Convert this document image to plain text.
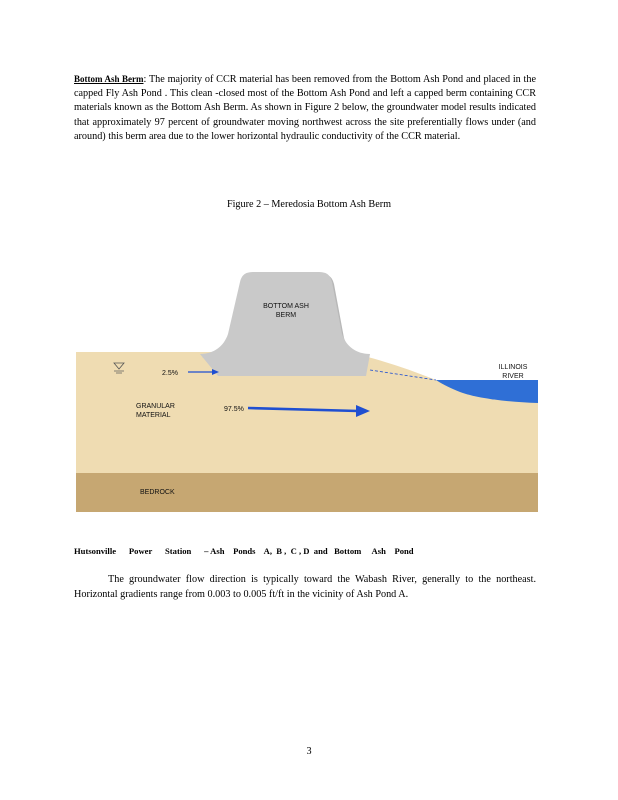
Bottom Ash Berm: The majority of CCR material has been removed from the Bottom Ash Pond and placed in the capped Fly Ash Pond . This clean -closed most of the Bottom Ash Pond and left a capped berm containing CCR materials known as the Bottom Ash Berm. As shown in Figure 2 below, the groundwater model results indicated that approximately 97 percent of groundwater moving northwest across the site preferentially flows under (and around) this berm area due to the lower horizontal hydraulic conductivity of the CCR material.

Figure 2 – Meredosia Bottom Ash Berm

BOTTOM ASH
BERM
ILLINOIS
RIVER
2.5%
97.5%
GRANULAR
MATERIAL
BEDROCK

Hutsonville      Power      Station      – Ash    Ponds    A,  B ,  C , D  and   Bottom     Ash    Pond

The groundwater flow direction is typically toward the Wabash River, generally to the northeast. Horizontal gradients range from 0.003 to 0.005 ft/ft in the vicinity of Ash Pond A.

3
